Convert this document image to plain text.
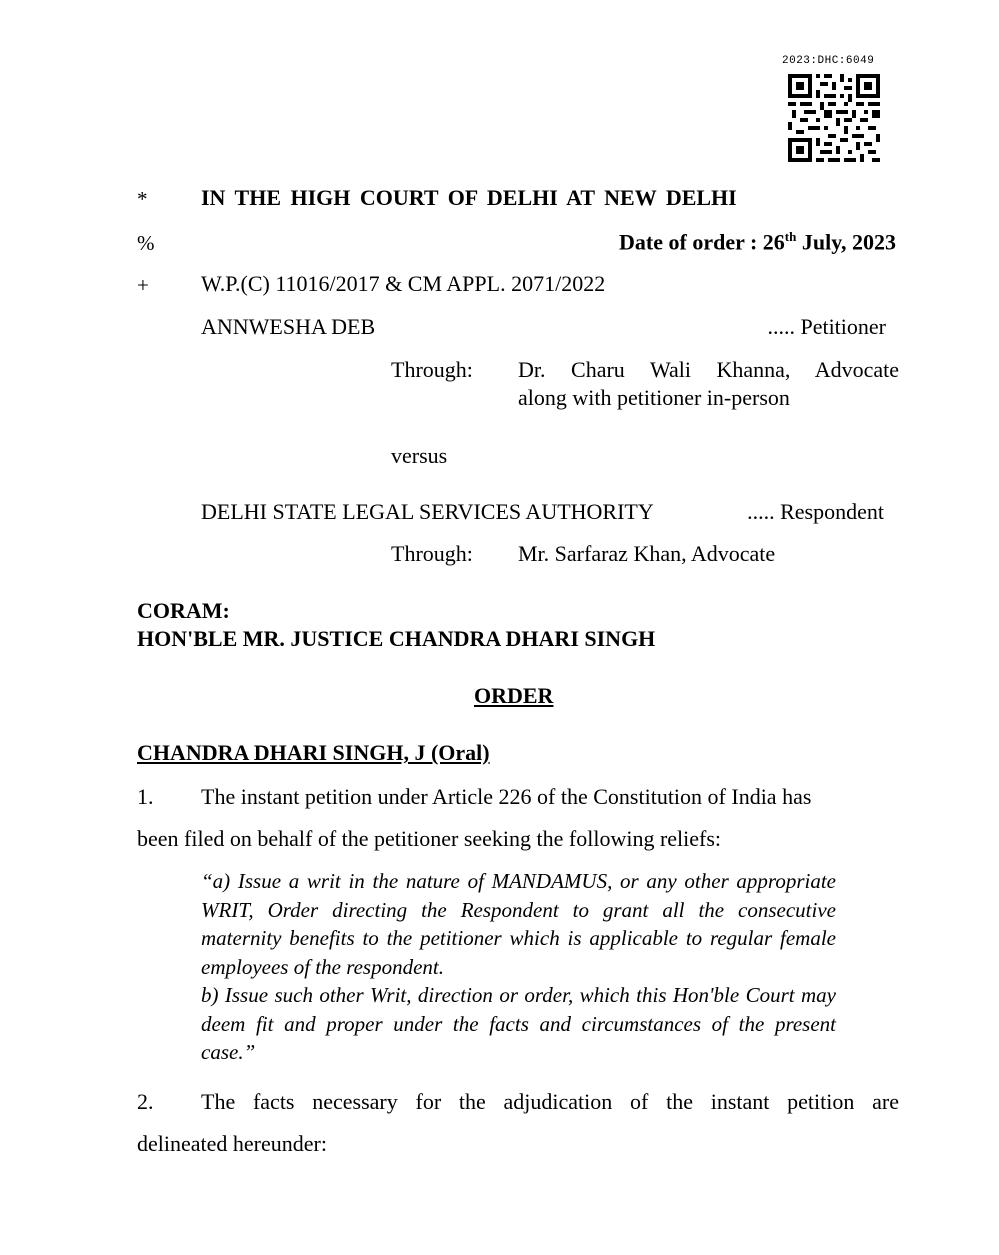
2023:DHC:6049
* IN THE HIGH COURT OF DELHI AT NEW DELHI
%	Date of order : 26th July, 2023
+ W.P.(C) 11016/2017 & CM APPL. 2071/2022
ANNWESHA DEB	..... Petitioner
Through: Dr. Charu Wali Khanna, Advocate
along with petitioner in-person
versus
DELHI STATE LEGAL SERVICES AUTHORITY	..... Respondent
Through: Mr. Sarfaraz Khan, Advocate
CORAM:
HON'BLE MR. JUSTICE CHANDRA DHARI SINGH
ORDER
CHANDRA DHARI SINGH, J (Oral)
1. The instant petition under Article 226 of the Constitution of India has
been filed on behalf of the petitioner seeking the following reliefs:

“a) Issue a writ in the nature of MANDAMUS, or any other appropriate WRIT, Order directing the Respondent to grant all the consecutive maternity benefits to the petitioner which is applicable to regular female employees of the respondent.

b) Issue such other Writ, direction or order, which this Hon'ble Court may deem fit and proper under the facts and circumstances of the present case.”

2. The facts necessary for the adjudication of the instant petition are
delineated hereunder:
